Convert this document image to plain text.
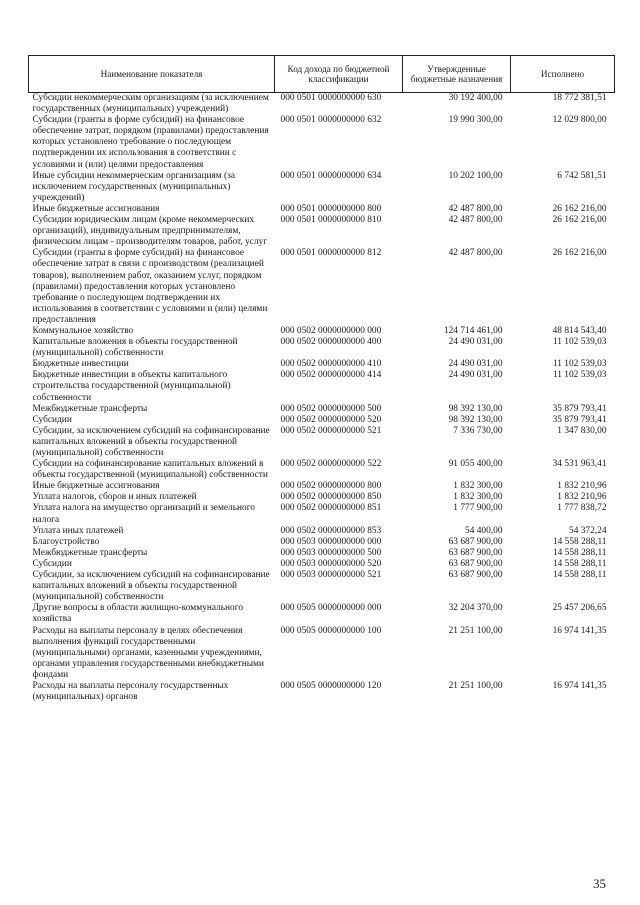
Наименование показателя	Код дохода по бюджетной классификации	Утвержденные бюджетные назначения	Исполнено
Субсидии некоммерческим организациям (за исключением государственных (муниципальных) учреждений)	000 0501 0000000000 630	30 192 400,00	18 772 381,51
Субсидии (гранты в форме субсидий) на финансовое обеспечение затрат, порядком (правилами) предоставления которых установлено требование о последующем подтверждении их использования в соответствии с условиями и (или) целями предоставления	000 0501 0000000000 632	19 990 300,00	12 029 800,00
Иные субсидии некоммерческим организациям (за исключением государственных (муниципальных) учреждений)	000 0501 0000000000 634	10 202 100,00	6 742 581,51
Иные бюджетные ассигнования	000 0501 0000000000 800	42 487 800,00	26 162 216,00
Субсидии юридическим лицам (кроме некоммерческих организаций), индивидуальным предпринимателям, физическим лицам - производителям товаров, работ, услуг	000 0501 0000000000 810	42 487 800,00	26 162 216,00
Субсидии (гранты в форме субсидий) на финансовое обеспечение затрат в связи с производством (реализацией товаров), выполнением работ, оказанием услуг, порядком (правилами) предоставления которых установлено требование о последующем подтверждении их использования в соответствии с условиями и (или) целями предоставления	000 0501 0000000000 812	42 487 800,00	26 162 216,00
Коммунальное хозяйство	000 0502 0000000000 000	124 714 461,00	48 814 543,40
Капитальные вложения в объекты государственной (муниципальной) собственности	000 0502 0000000000 400	24 490 031,00	11 102 539,03
Бюджетные инвестиции	000 0502 0000000000 410	24 490 031,00	11 102 539,03
Бюджетные инвестиции в объекты капитального строительства государственной (муниципальной) собственности	000 0502 0000000000 414	24 490 031,00	11 102 539,03
Межбюджетные трансферты	000 0502 0000000000 500	98 392 130,00	35 879 793,41
Субсидии	000 0502 0000000000 520	98 392 130,00	35 879 793,41
Субсидии, за исключением субсидий на софинансирование капитальных вложений в объекты государственной (муниципальной) собственности	000 0502 0000000000 521	7 336 730,00	1 347 830,00
Субсидии на софинансирование капитальных вложений в объекты государственной (муниципальной) собственности	000 0502 0000000000 522	91 055 400,00	34 531 963,41
Иные бюджетные ассигнования	000 0502 0000000000 800	1 832 300,00	1 832 210,96
Уплата налогов, сборов и иных платежей	000 0502 0000000000 850	1 832 300,00	1 832 210,96
Уплата налога на имущество организаций и земельного налога	000 0502 0000000000 851	1 777 900,00	1 777 838,72
Уплата иных платежей	000 0502 0000000000 853	54 400,00	54 372,24
Благоустройство	000 0503 0000000000 000	63 687 900,00	14 558 288,11
Межбюджетные трансферты	000 0503 0000000000 500	63 687 900,00	14 558 288,11
Субсидии	000 0503 0000000000 520	63 687 900,00	14 558 288,11
Субсидии, за исключением субсидий на софинансирование капитальных вложений в объекты государственной (муниципальной) собственности	000 0503 0000000000 521	63 687 900,00	14 558 288,11
Другие вопросы в области жилищно-коммунального хозяйства	000 0505 0000000000 000	32 204 370,00	25 457 206,65
Расходы на выплаты персоналу в целях обеспечения выполнения функций государственными (муниципальными) органами, казенными учреждениями, органами управления государственными внебюджетными фондами	000 0505 0000000000 100	21 251 100,00	16 974 141,35
Расходы на выплаты персоналу государственных (муниципальных) органов	000 0505 0000000000 120	21 251 100,00	16 974 141,35
35
